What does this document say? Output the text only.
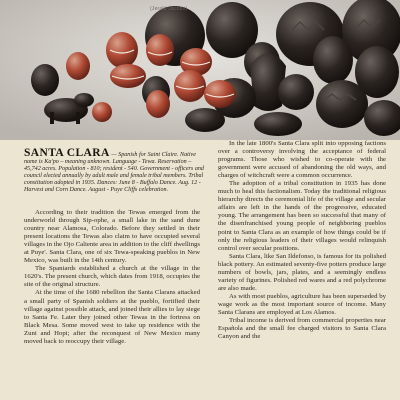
(Jerald Jacobs)
SANTA CLARA — Spanish for Saint Claire. Native name is Ka'po – meaning unknown. Language - Tewa. Reservation – 45,742 acres. Population - 810; resident - 540. Government - officers and council elected annually by adult male and female tribal members. Tribal constitution adopted in 1935. Dances: June 8 - Buffalo Dance. Aug. 12 - Harvest and Corn Dance. August - Puye Cliffs celebration.

According to their tradition the Tewas emerged from the underworld through Sip-ophe, a small lake in the sand dune country near Alamosa, Colorado. Before they settled in their present locations the Tewas also claim to have occupied several villages in the Ojo Caliente area in addition to the cliff dwellings at Puye'. Santa Clara, one of six Tewa-speaking pueblos in New Mexico, was built in the 14th century.

The Spaniards established a church at the village in the 1620's. The present church, which dates from 1918, occupies the site of the original structure.

At the time of the 1680 rebellion the Santa Clarans attacked a small party of Spanish soldiers at the pueblo, fortified their village against possible attack, and joined their allies to lay siege to Santa Fe. Later they joined other Tewas in the fortress on Black Mesa. Some moved west to take up residence with the Zuni and Hopi; after the reconquest of New Mexico many moved back to reoccupy their village.

In the late 1800's Santa Clara split into opposing factions over a controversy involving the acceptance of federal programs. Those who wished to co-operate with the government were accused of abandoning the old ways, and charges of witchcraft were a common occurrence.

The adoption of a tribal constitution in 1935 has done much to heal this factionalism. Today the traditional religious hierarchy directs the ceremonial life of the village and secular affairs are left in the hands of the progressive, educated young. The arrangement has been so successful that many of the disenfranchised young people of neighboring pueblos point to Santa Clara as an example of how things could be if only the religious leaders of their villages would relinquish control over secular positions.

Santa Clara, like San Ildefonso, is famous for its polished black pottery. An estimated seventy-five potters produce large numbers of bowls, jars, plates, and a seemingly endless variety of figurines. Polished red wares and a red polychrome are also made.

As with most pueblos, agriculture has been superseded by wage work as the most important source of income. Many Santa Clarans are employed at Los Alamos.

Tribal income is derived from commercial properties near Española and the small fee charged visitors to Santa Clara Canyon and the
